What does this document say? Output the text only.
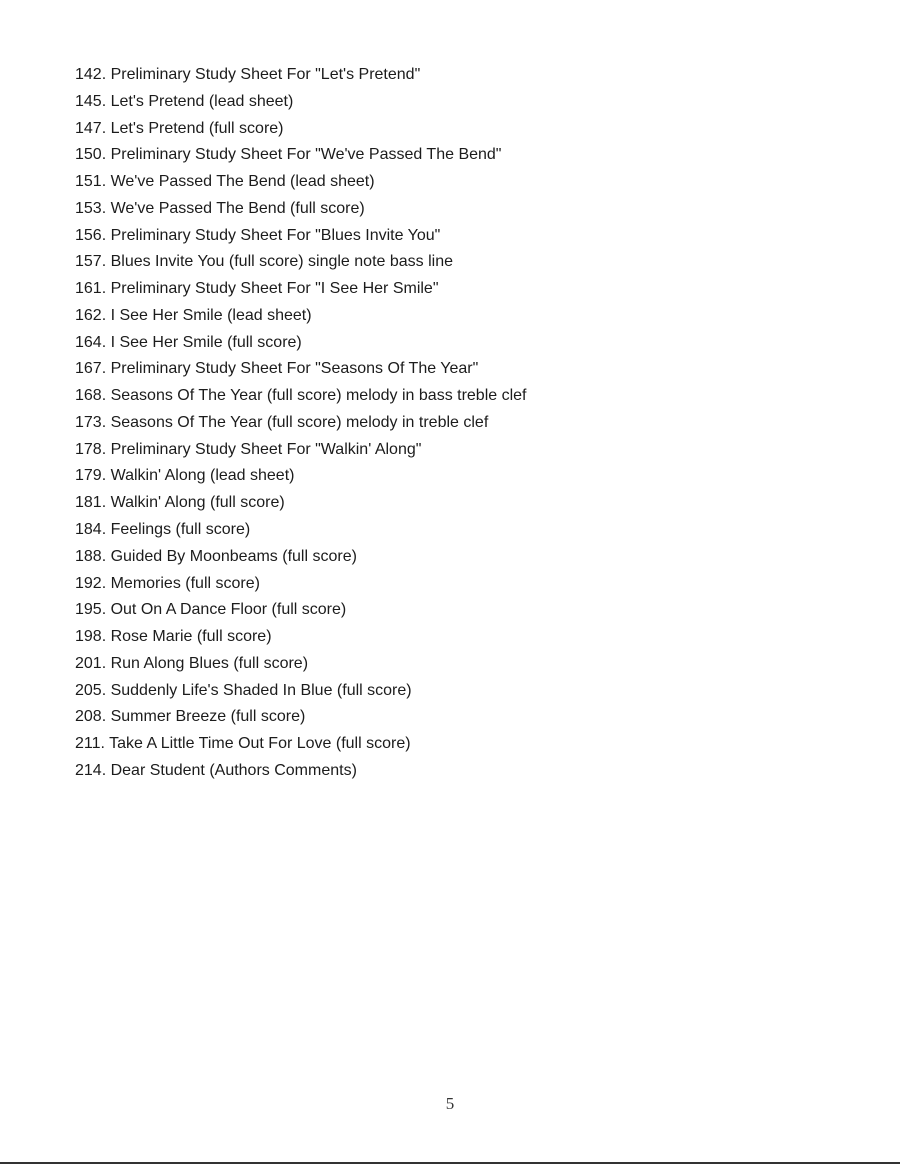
142. Preliminary Study Sheet For "Let's Pretend"
145. Let's Pretend (lead sheet)
147. Let's Pretend (full score)
150. Preliminary Study Sheet For "We've Passed The Bend"
151. We've Passed The Bend (lead sheet)
153. We've Passed The Bend (full score)
156. Preliminary Study Sheet For "Blues Invite You"
157. Blues Invite You (full score) single note bass line
161. Preliminary Study Sheet For "I See Her Smile"
162. I See Her Smile (lead sheet)
164. I See Her Smile (full score)
167. Preliminary Study Sheet For "Seasons Of The Year"
168. Seasons Of The Year (full score) melody in bass treble clef
173. Seasons Of The Year (full score) melody in treble clef
178. Preliminary Study Sheet For "Walkin' Along"
179. Walkin' Along (lead sheet)
181. Walkin' Along (full score)
184. Feelings (full score)
188. Guided By Moonbeams (full score)
192. Memories (full score)
195. Out On A Dance Floor (full score)
198. Rose Marie (full score)
201. Run Along Blues (full score)
205. Suddenly Life's Shaded In Blue (full score)
208. Summer Breeze (full score)
211. Take A Little Time Out For Love (full score)
214. Dear Student (Authors Comments)
5
